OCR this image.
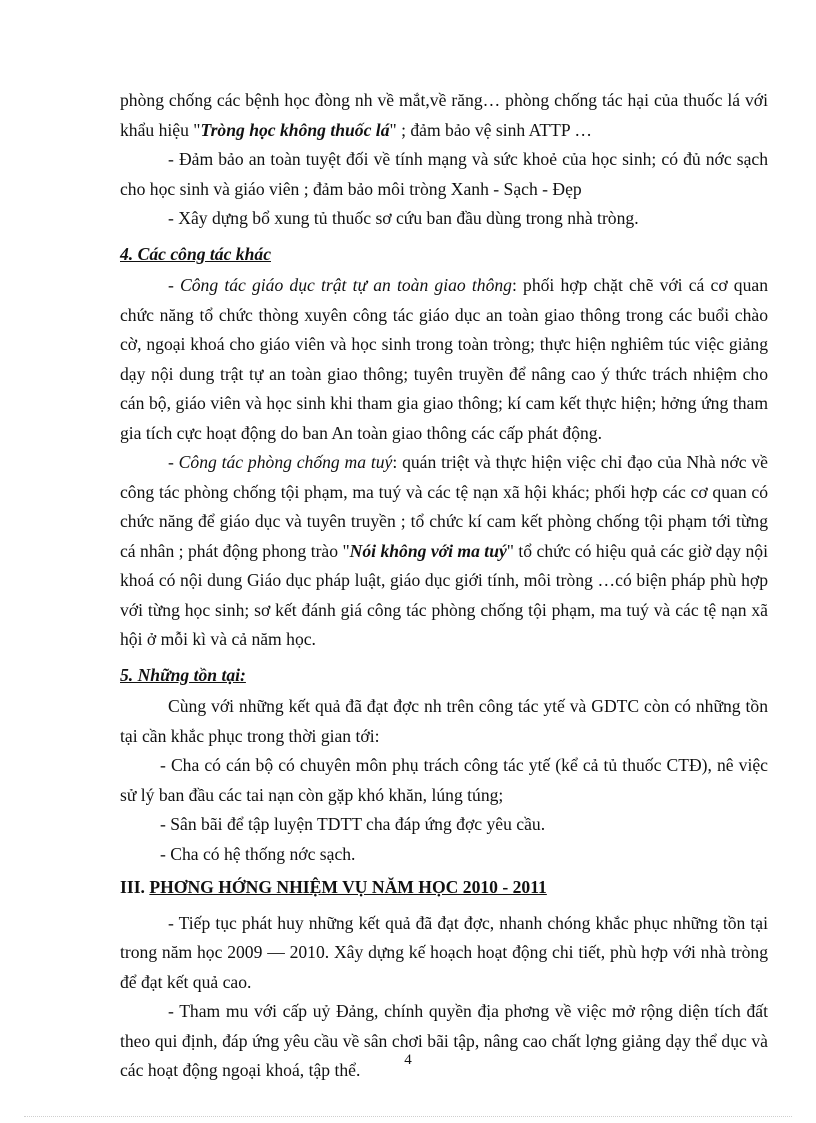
phòng chống các bệnh học đòng nh về mắt,về răng… phòng chống tác hại của thuốc lá với khẩu hiệu "Tròng học không thuốc lá" ; đảm bảo vệ sinh ATTP …

- Đảm bảo an toàn tuyệt đối về tính mạng và sức khoẻ của học sinh; có đủ nớc sạch cho học sinh và giáo viên ; đảm bảo môi tròng Xanh - Sạch - Đẹp

- Xây dựng bổ xung tủ thuốc sơ cứu ban đầu dùng trong nhà tròng.

4. Các công tác khác

- Công tác giáo dục trật tự an toàn giao thông: phối hợp chặt chẽ với cá cơ quan chức năng tổ chức thòng xuyên công tác giáo dục an toàn giao thông trong các buổi chào cờ, ngoại khoá cho giáo viên và học sinh trong toàn tròng; thực hiện nghiêm túc việc giảng dạy nội dung trật tự an toàn giao thông; tuyên truyền để nâng cao ý thức trách nhiệm cho cán bộ, giáo viên và học sinh khi tham gia giao thông; kí cam kết thực hiện; hởng ứng tham gia tích cực hoạt động do ban An toàn giao thông các cấp phát động.

- Công tác phòng chống ma tuý: quán triệt và thực hiện việc chỉ đạo của Nhà nớc về công tác phòng chống tội phạm, ma tuý và các tệ nạn xã hội khác; phối hợp các cơ quan có chức năng để giáo dục và tuyên truyền ; tổ chức kí cam kết phòng chống tội phạm tới từng cá nhân ; phát động phong trào "Nói không với ma tuý" tổ chức có hiệu quả các giờ dạy nội khoá có nội dung Giáo dục pháp luật, giáo dục giới tính, môi tròng …có biện pháp phù hợp với từng học sinh; sơ kết đánh giá công tác phòng chống tội phạm, ma tuý và các tệ nạn xã hội ở mỗi kì và cả năm học.

5. Những tồn tại:

Cùng với những kết quả đã đạt đợc nh trên công tác ytế và GDTC còn có những tồn tại cần khắc phục trong thời gian tới:

- Cha có cán bộ có chuyên môn phụ trách công tác ytế (kể cả tủ thuốc CTĐ), nê việc sử lý ban đầu các tai nạn còn gặp khó khăn, lúng túng;

- Sân bãi để tập luyện TDTT cha đáp ứng đợc yêu cầu.

- Cha có hệ thống nớc sạch.

III. PHƠNG HỚNG NHIỆM VỤ NĂM HỌC 2010 - 2011

- Tiếp tục phát huy những kết quả đã đạt đợc, nhanh chóng khắc phục những tồn tại trong năm học 2009 — 2010. Xây dựng kế hoạch hoạt động chi tiết, phù hợp với nhà tròng để đạt kết quả cao.

- Tham mu với cấp uỷ Đảng, chính quyền địa phơng về việc mở rộng diện tích đất theo qui định, đáp ứng yêu cầu về sân chơi bãi tập, nâng cao chất lợng giảng dạy thể dục và các hoạt động ngoại khoá, tập thể.	4
